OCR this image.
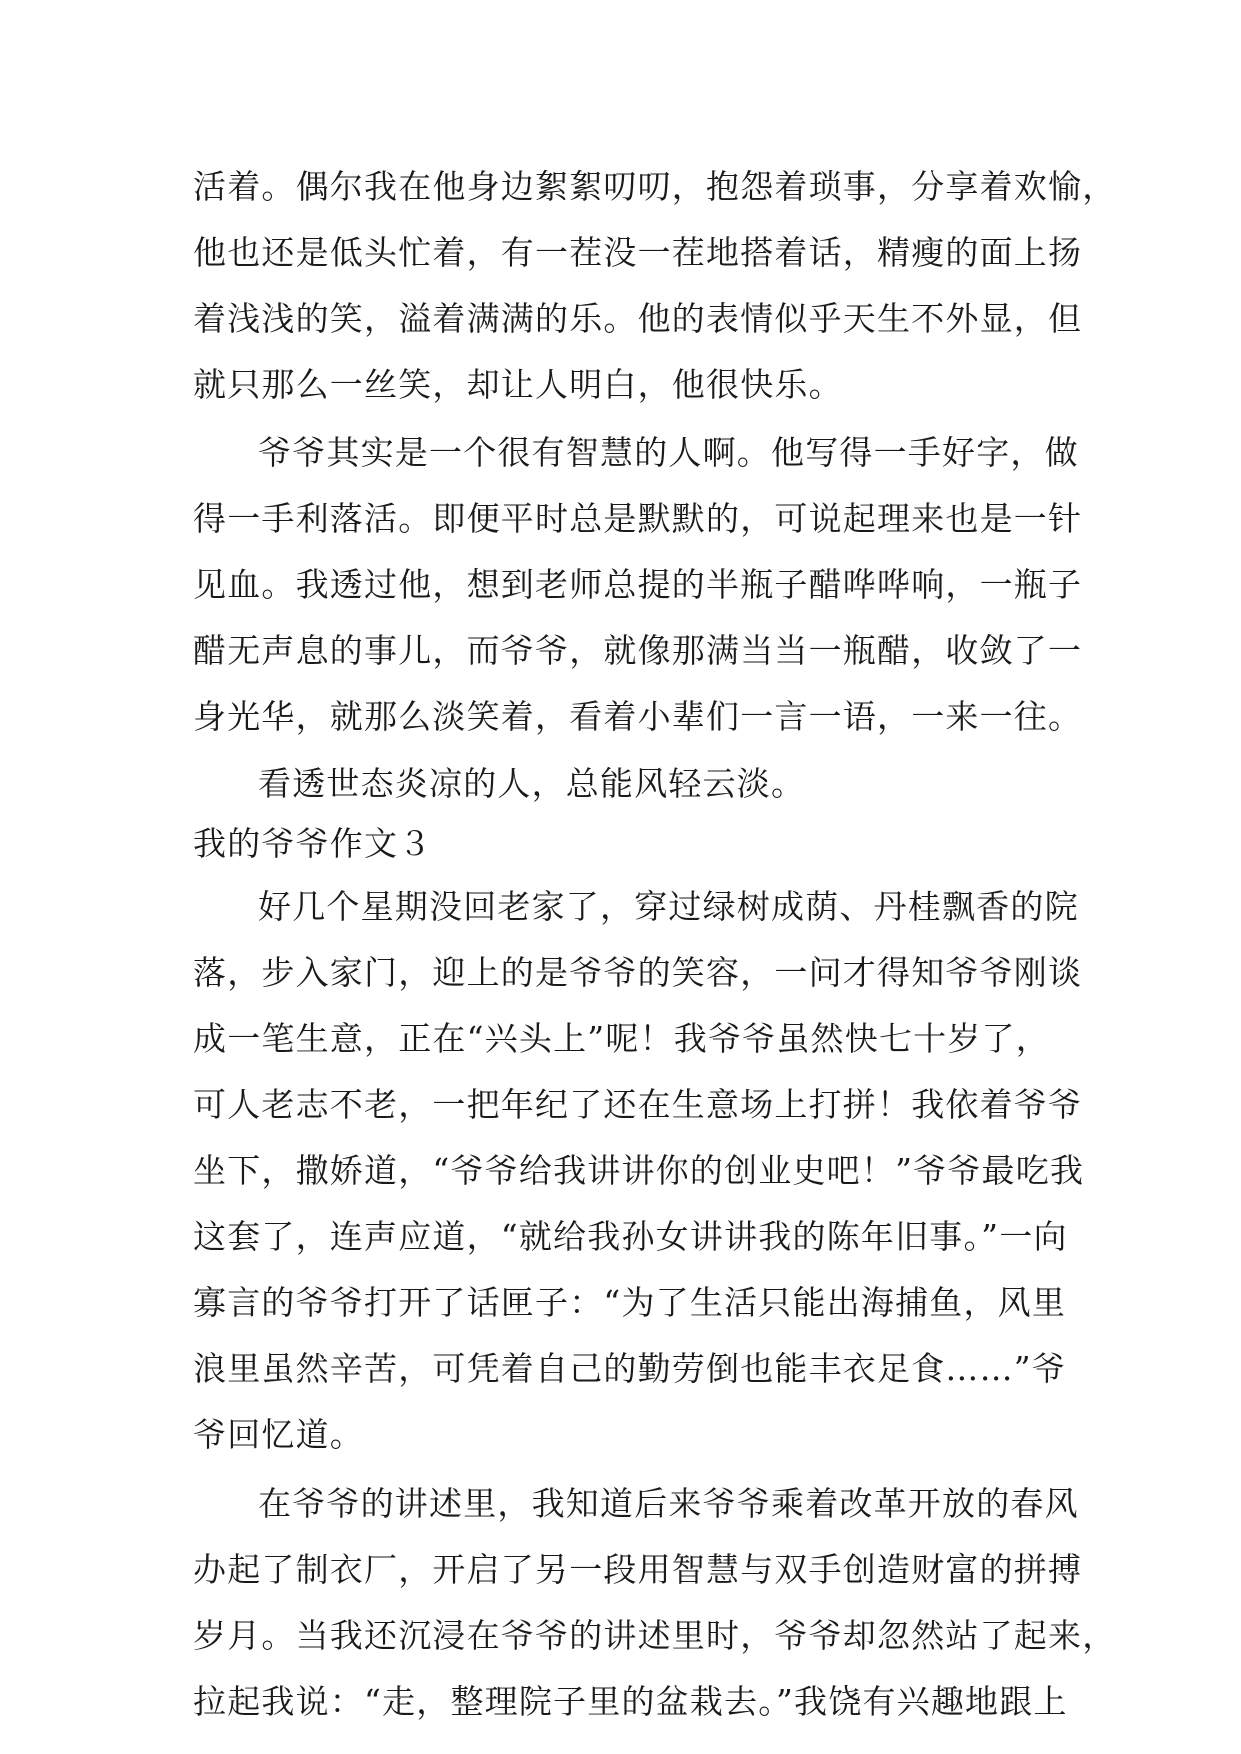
活着。偶尔我在他身边絮絮叨叨，抱怨着琐事，分享着欢愉，
他也还是低头忙着，有一茬没一茬地搭着话，精瘦的面上扬
着浅浅的笑，溢着满满的乐。他的表情似乎天生不外显，但
就只那么一丝笑，却让人明白，他很快乐。
爷爷其实是一个很有智慧的人啊。他写得一手好字，做
得一手利落活。即便平时总是默默的，可说起理来也是一针
见血。我透过他，想到老师总提的半瓶子醋哗哗响，一瓶子
醋无声息的事儿，而爷爷，就像那满当当一瓶醋，收敛了一
身光华，就那么淡笑着，看着小辈们一言一语，一来一往。
看透世态炎凉的人，总能风轻云淡。
我的爷爷作文３
好几个星期没回老家了，穿过绿树成荫、丹桂飘香的院
落，步入家门，迎上的是爷爷的笑容，一问才得知爷爷刚谈
成一笔生意，正在“兴头上”呢！我爷爷虽然快七十岁了，
可人老志不老，一把年纪了还在生意场上打拼！我依着爷爷
坐下，撒娇道，“爷爷给我讲讲你的创业史吧！”爷爷最吃我
这套了，连声应道，“就给我孙女讲讲我的陈年旧事。”一向
寡言的爷爷打开了话匣子：“为了生活只能出海捕鱼，风里
浪里虽然辛苦，可凭着自己的勤劳倒也能丰衣足食……”爷
爷回忆道。
在爷爷的讲述里，我知道后来爷爷乘着改革开放的春风
办起了制衣厂，开启了另一段用智慧与双手创造财富的拼搏
岁月。当我还沉浸在爷爷的讲述里时，爷爷却忽然站了起来，
拉起我说：“走，整理院子里的盆栽去。”我饶有兴趣地跟上
